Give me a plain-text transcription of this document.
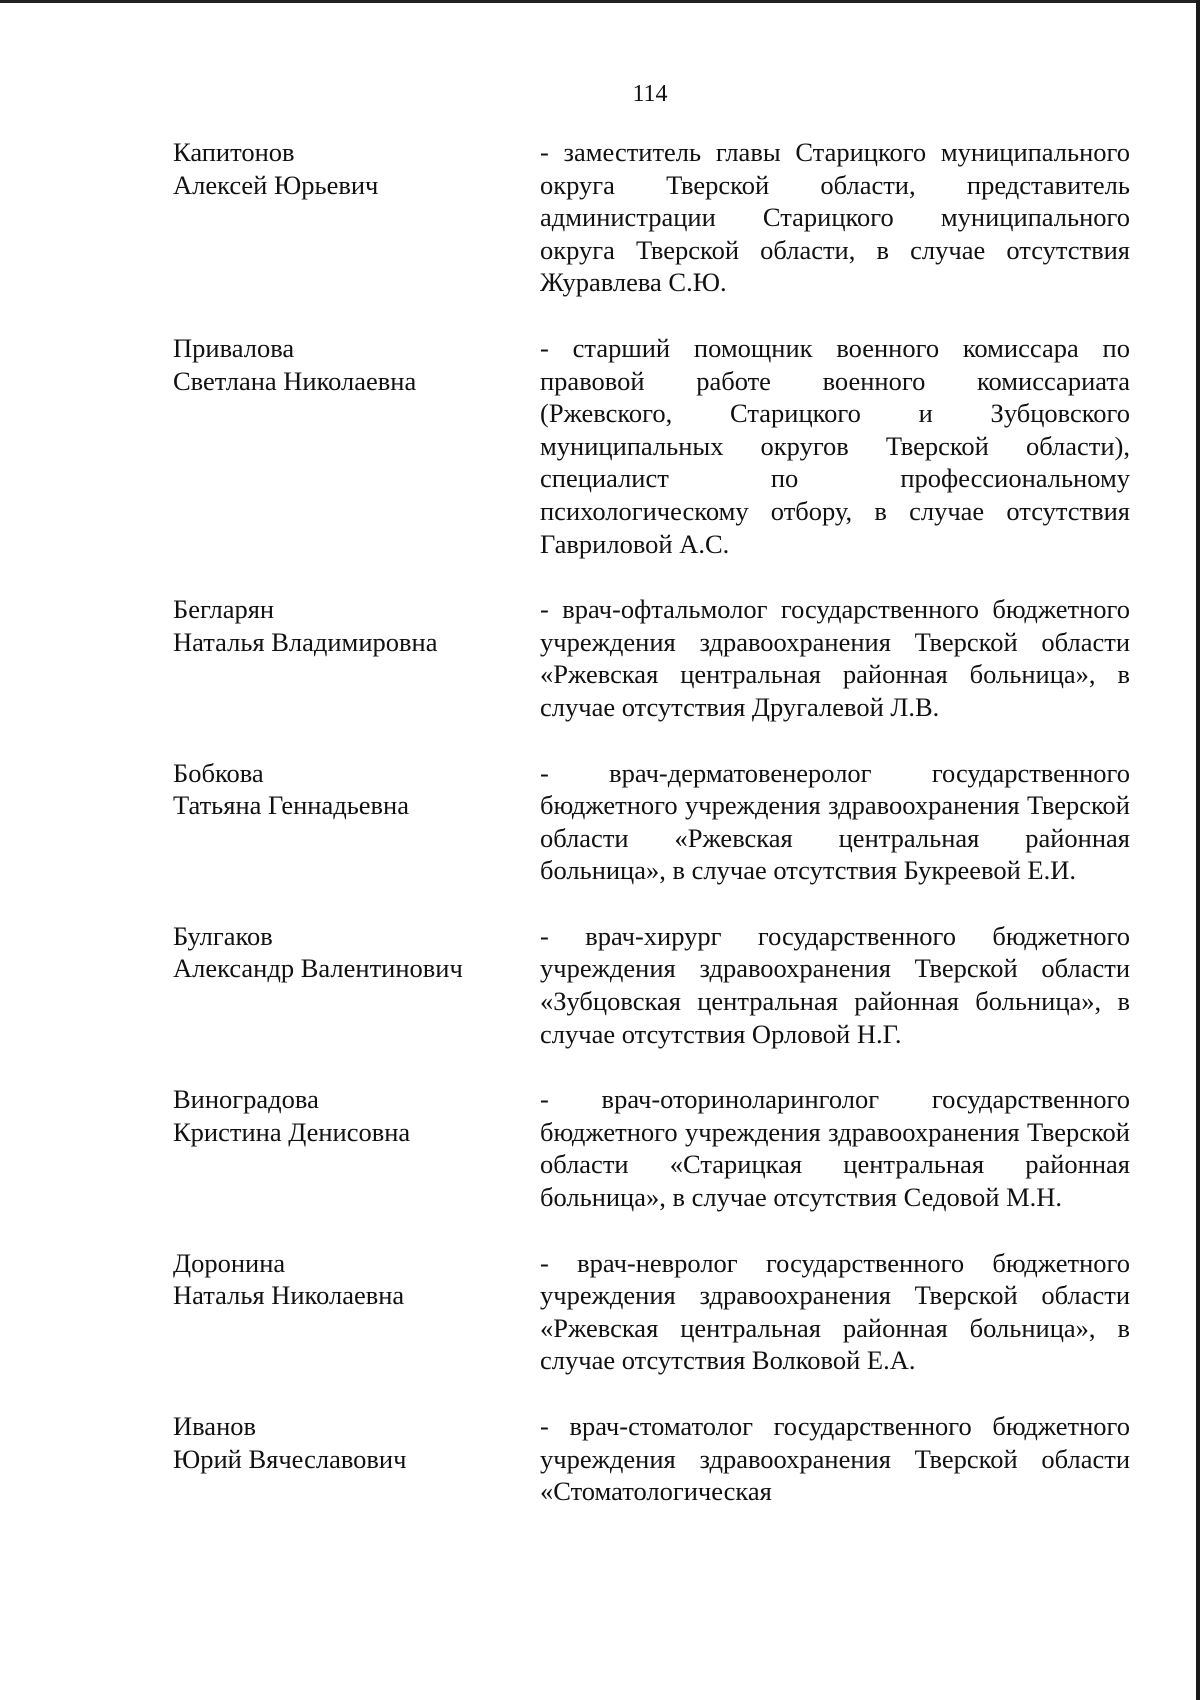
114
Капитонов
Алексей Юрьевич
- заместитель главы Старицкого муниципального округа Тверской области, представитель администрации Старицкого муниципального округа Тверской области, в случае отсутствия Журавлева С.Ю.
Привалова
Светлана Николаевна
- старший помощник военного комиссара по правовой работе военного комиссариата (Ржевского, Старицкого и Зубцовского муниципальных округов Тверской области), специалист по профессиональному психологическому отбору, в случае отсутствия Гавриловой А.С.
Бегларян
Наталья Владимировна
- врач-офтальмолог государственного бюджетного учреждения здравоохранения Тверской области «Ржевская центральная районная больница», в случае отсутствия Другалевой Л.В.
Бобкова
Татьяна Геннадьевна
- врач-дерматовенеролог государственного бюджетного учреждения здравоохранения Тверской области «Ржевская центральная районная больница», в случае отсутствия Букреевой Е.И.
Булгаков
Александр Валентинович
- врач-хирург государственного бюджетного учреждения здравоохранения Тверской области «Зубцовская центральная районная больница», в случае отсутствия Орловой Н.Г.
Виноградова
Кристина Денисовна
- врач-оториноларинголог государственного бюджетного учреждения здравоохранения Тверской области «Старицкая центральная районная больница», в случае отсутствия Седовой М.Н.
Доронина
Наталья Николаевна
- врач-невролог государственного бюджетного учреждения здравоохранения Тверской области «Ржевская центральная районная больница», в случае отсутствия Волковой Е.А.
Иванов
Юрий Вячеславович
- врач-стоматолог государственного бюджетного учреждения здравоохранения Тверской области «Стоматологическая
